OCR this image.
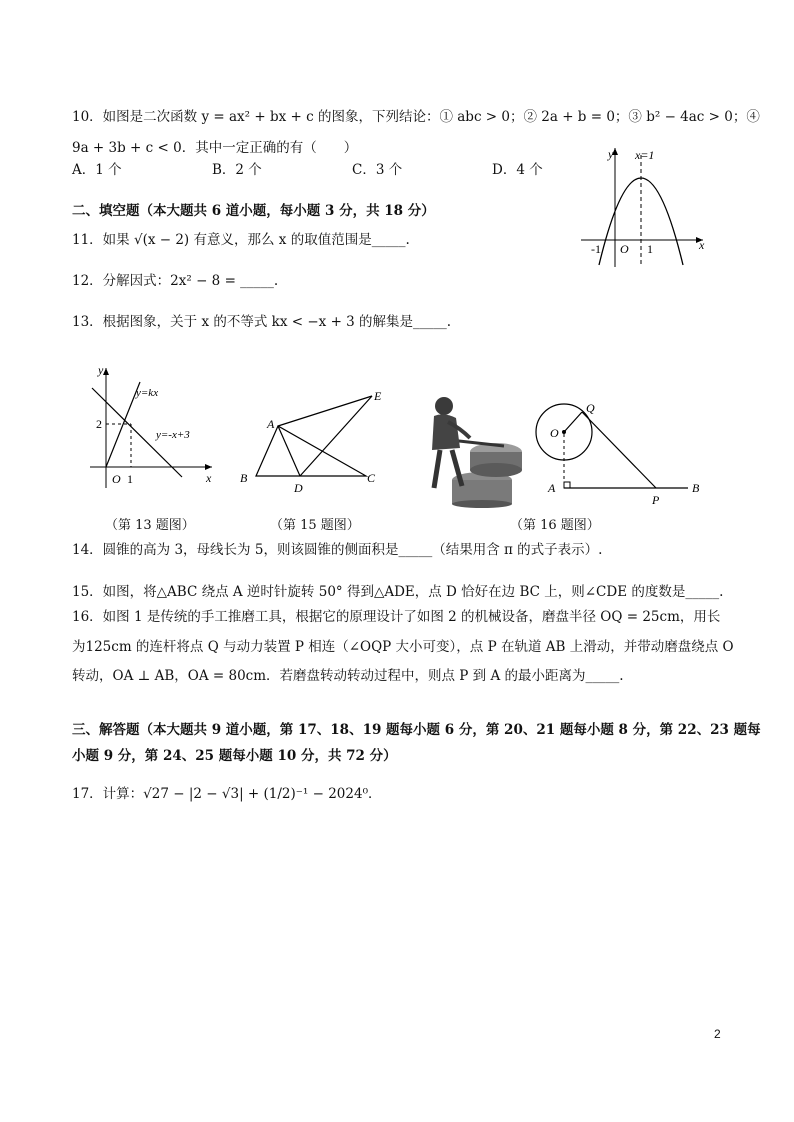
10．如图是二次函数 y = ax² + bx + c 的图象，下列结论：① abc > 0；② 2a + b = 0；③ b² − 4ac > 0；④
9a + 3b + c < 0．其中一定正确的有（　　）
A．1 个	B．2 个	C．3 个	D．4 个
y x=1
x
O
-1	1
二、填空题（本大题共 6 道小题，每小题 3 分，共 18 分）
11．如果 √(x − 2) 有意义，那么 x 的取值范围是_____.
12．分解因式：2x² − 8 = _____.
13．根据图象，关于 x 的不等式 kx < −x + 3 的解集是_____.
y
x
O 1
2
y=kx
y=-x+3
A
B
D
C
E
O
Q
A
P
B
（第 13 题图）	（第 15 题图）	（第 16 题图）
14．圆锥的高为 3，母线长为 5，则该圆锥的侧面积是_____（结果用含 π 的式子表示）.
15．如图，将△ABC 绕点 A 逆时针旋转 50° 得到△ADE，点 D 恰好在边 BC 上，则∠CDE 的度数是_____.
16．如图 1 是传统的手工推磨工具，根据它的原理设计了如图 2 的机械设备，磨盘半径 OQ = 25cm，用长
为125cm 的连杆将点 Q 与动力装置 P 相连（∠OQP 大小可变），点 P 在轨道 AB 上滑动，并带动磨盘绕点 O
转动，OA ⊥ AB，OA = 80cm．若磨盘转动转动过程中，则点 P 到 A 的最小距离为_____.
三、解答题（本大题共 9 道小题，第 17、18、19 题每小题 6 分，第 20、21 题每小题 8 分，第 22、23 题每
小题 9 分，第 24、25 题每小题 10 分，共 72 分）
17．计算：√27 − |2 − √3| + (1/2)⁻¹ − 2024⁰．
2
